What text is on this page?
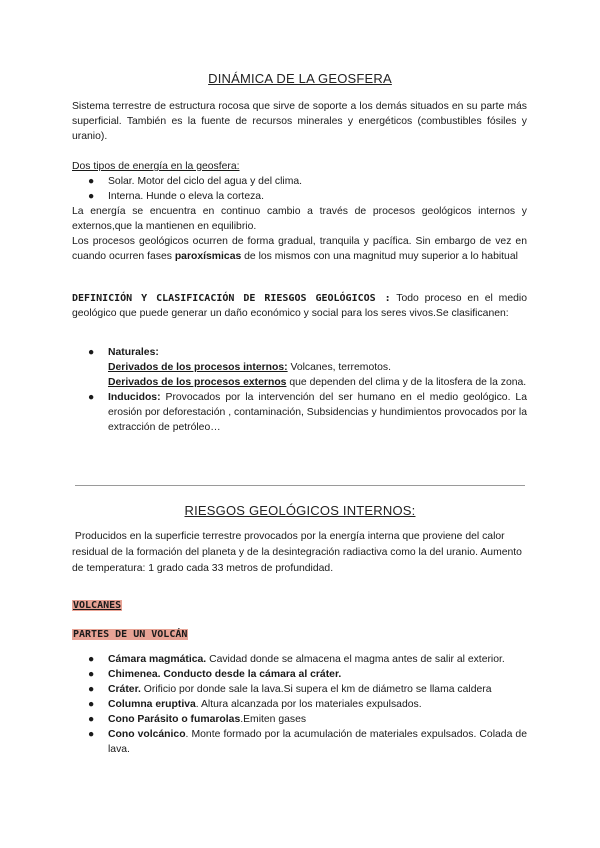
DINÁMICA DE LA GEOSFERA

Sistema terrestre de estructura rocosa que sirve de soporte a los demás situados en su parte más superficial. También es la fuente de recursos minerales y energéticos (combustibles fósiles y uranio).

Dos tipos de energía en la geosfera:
● Solar. Motor del ciclo del agua y del clima.
● Interna. Hunde o eleva la corteza.

La energía se encuentra en continuo cambio a través de procesos geológicos internos y externos,que la mantienen en equilibrio.

Los procesos geológicos ocurren de forma gradual, tranquila y pacífica. Sin embargo de vez en cuando ocurren fases paroxísmicas de los mismos con una magnitud muy superior a lo habitual

DEFINICIÓN Y CLASIFICACIÓN DE RIESGOS GEOLÓGICOS : Todo proceso en el medio geológico que puede generar un daño económico y social para los seres vivos.Se clasificanen:

● Naturales:
Derivados de los procesos internos: Volcanes, terremotos.
Derivados de los procesos externos que dependen del clima y de la litosfera de la zona.
● Inducidos: Provocados por la intervención del ser humano en el medio geológico. La erosión por deforestación , contaminación, Subsidencias y hundimientos provocados por la extracción de petróleo…
RIESGOS GEOLÓGICOS INTERNOS:

Producidos en la superficie terrestre provocados por la energía interna que proviene del calor residual de la formación del planeta y de la desintegración radiactiva como la del uranio. Aumento de temperatura: 1 grado cada 33 metros de profundidad.

VOLCANES
PARTES DE UN VOLCÁN
● Cámara magmática. Cavidad donde se almacena el magma antes de salir al exterior.
● Chimenea. Conducto desde la cámara al cráter.
● Cráter. Orificio por donde sale la lava.Si supera el km de diámetro se llama caldera
● Columna eruptiva. Altura alcanzada por los materiales expulsados.
● Cono Parásito o fumarolas.Emiten gases
● Cono volcánico. Monte formado por la acumulación de materiales expulsados. Colada de lava.
